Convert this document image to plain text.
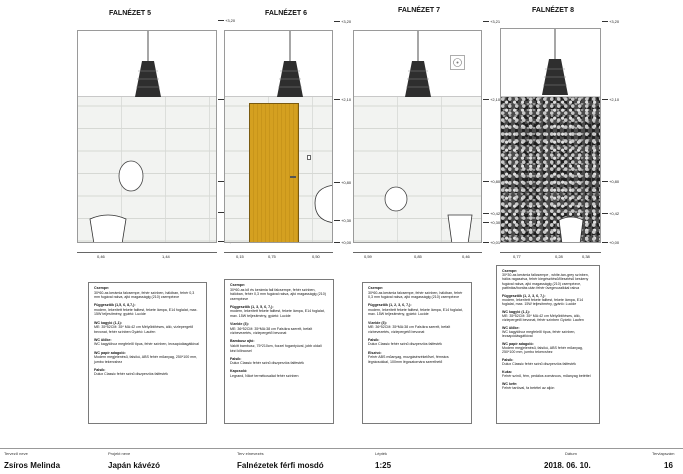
FALNÉZET 5	FALNÉZET 6	FALNÉZET 7	FALNÉZET 8
+3,20
0,46	1,44
+3,20
+2,10
+0,80
+0,30
+0,00
0,15	0,75	0,50
+3,21
+2,10
+0,80
+0,42
+0,30
+0,01
0,59	0,85	0,46
+3,20
+2,10
+0,80
+0,42
+0,00
0,77	0,28	0,38

Csempe:
30*60-as kerámia falcsempe, fehér színben, hálóban, fehér 0,3 mm fugával rakva, ajtó magasságig (210) csempézve

Függesztők (1,5, 6, 8,7,):
modern, lekerített fekete falitest, fekete lámpa, E14 foglalat, max. 15W teljesítmény, gyártó: Lucide

WC kagyló (1,1):
ME: 35*52CM: 35* MA:42 cm Mélyöblítéses, álló, vízlepergető bevonat, fehér színben Gyártó: Laufen

WC ülőke:
WC kagylóhoz megfelelő típus, fehér színben, lecsapódásgátlóval

WC papír adagoló:
Modern megjelenésű, falsíkú, ABS fehér műanyag, 250*100 mm, jumbo tekercshez

Falsík:
Dulux Classic fehér színű diszperziós falfesték

Csempe:
30*60-as kő és kerámia fali falcsempe, fehér színben, hálóban, fehér 0,3 mm fugával rakva, ajtó magasságig (210) csempézve

Függesztők (1, 3, 5, 6, 7,):
modern, lekerített fekete falitest, fekete lámpa, E14 foglalat, max. 15W teljesítmény, gyártó: Lucide

Vizelde (3):
ME: 36*52CM: 35*MA:38 cm Falsíkra szerelt, befalt vízbevezetés, vízlepergető bevonat

Bambusz ajtó:
Vakítt bambusz, 75*210cm, fozzel fogantyúval, jobb oldali kézi kilinccsel

Falsík:
Dulux Classic fehér színű diszperziós falfesték

Kapcsoló:
Legrand, Niloé termékcsalád fehér színben

Csempe:
30*60-as kerámia falcsempe, fehér színben, hálóban, fehér 0,3 mm fugával rakva, ajtó magasságig (210) csempézve

Függesztők (1, 2, 3, 6, 7,):
modern, lekerített fekete falitest, fekete lámpa, E14 foglalat, max. 15W teljesítmény, gyártó: Lucide

Vizelde (3):
ME: 36*52CM: 35*MA:38 cm Falsíkra szerelt, befalt vízbevezetés, vízlepergető bevonat

Falsík:
Dulux Classic fehér színű diszperziós falfesték

Elszívó:
Fehér ABS műanyag, mozgásérzékelővel, fémrács légrácsokkal, 100mm légcsatornára szerelhető

Csempe:
30*30-as kerámia falicsempe , white-tan-grey színben, hálós ragasztva, fehér kiegészítésű/illesztésű keskeny fugával rakva, ajtó magasságig (210) csempézve, pattintás/bontás után fehér üvegmozaikkal rakva

Függesztők (1, 2, 3, 6, 7,):
modern, lekerített fekete falitest, fekete lámpa, E14 foglalat, max. 15W teljesítmény, gyártó: Lucide

WC kagyló (1,1):
ME: 35*52CM: 35* MA:42 cm Mélyöblítéses, álló, vízlepergető bevonat, fehér színben Gyártó: Laufen

WC ülőke:
WC kagylóhoz megfelelő típus, fehér színben, lecsapódásgátlóval

WC papír adagoló:
Modern megjelenésű, falsíkú, ABS fehér műanyag, 250*100 mm, jumbo tekercshez

Falsík:
Dulux Classic fehér színű diszperziós falfesték

Kuka:
Fehér színű, fém, pedálos zománcos, műanyag betéttel

WC kefe:
Fehér tartóval, fa betétel az aljón

Tervező neve
Zsíros Melinda
Projekt neve
Japán kávézó
Terv elnevezés
Falnézetek férfi mosdó
Lépték
1:25
Dátum
2018. 06. 10.
Tervlapszám
16
